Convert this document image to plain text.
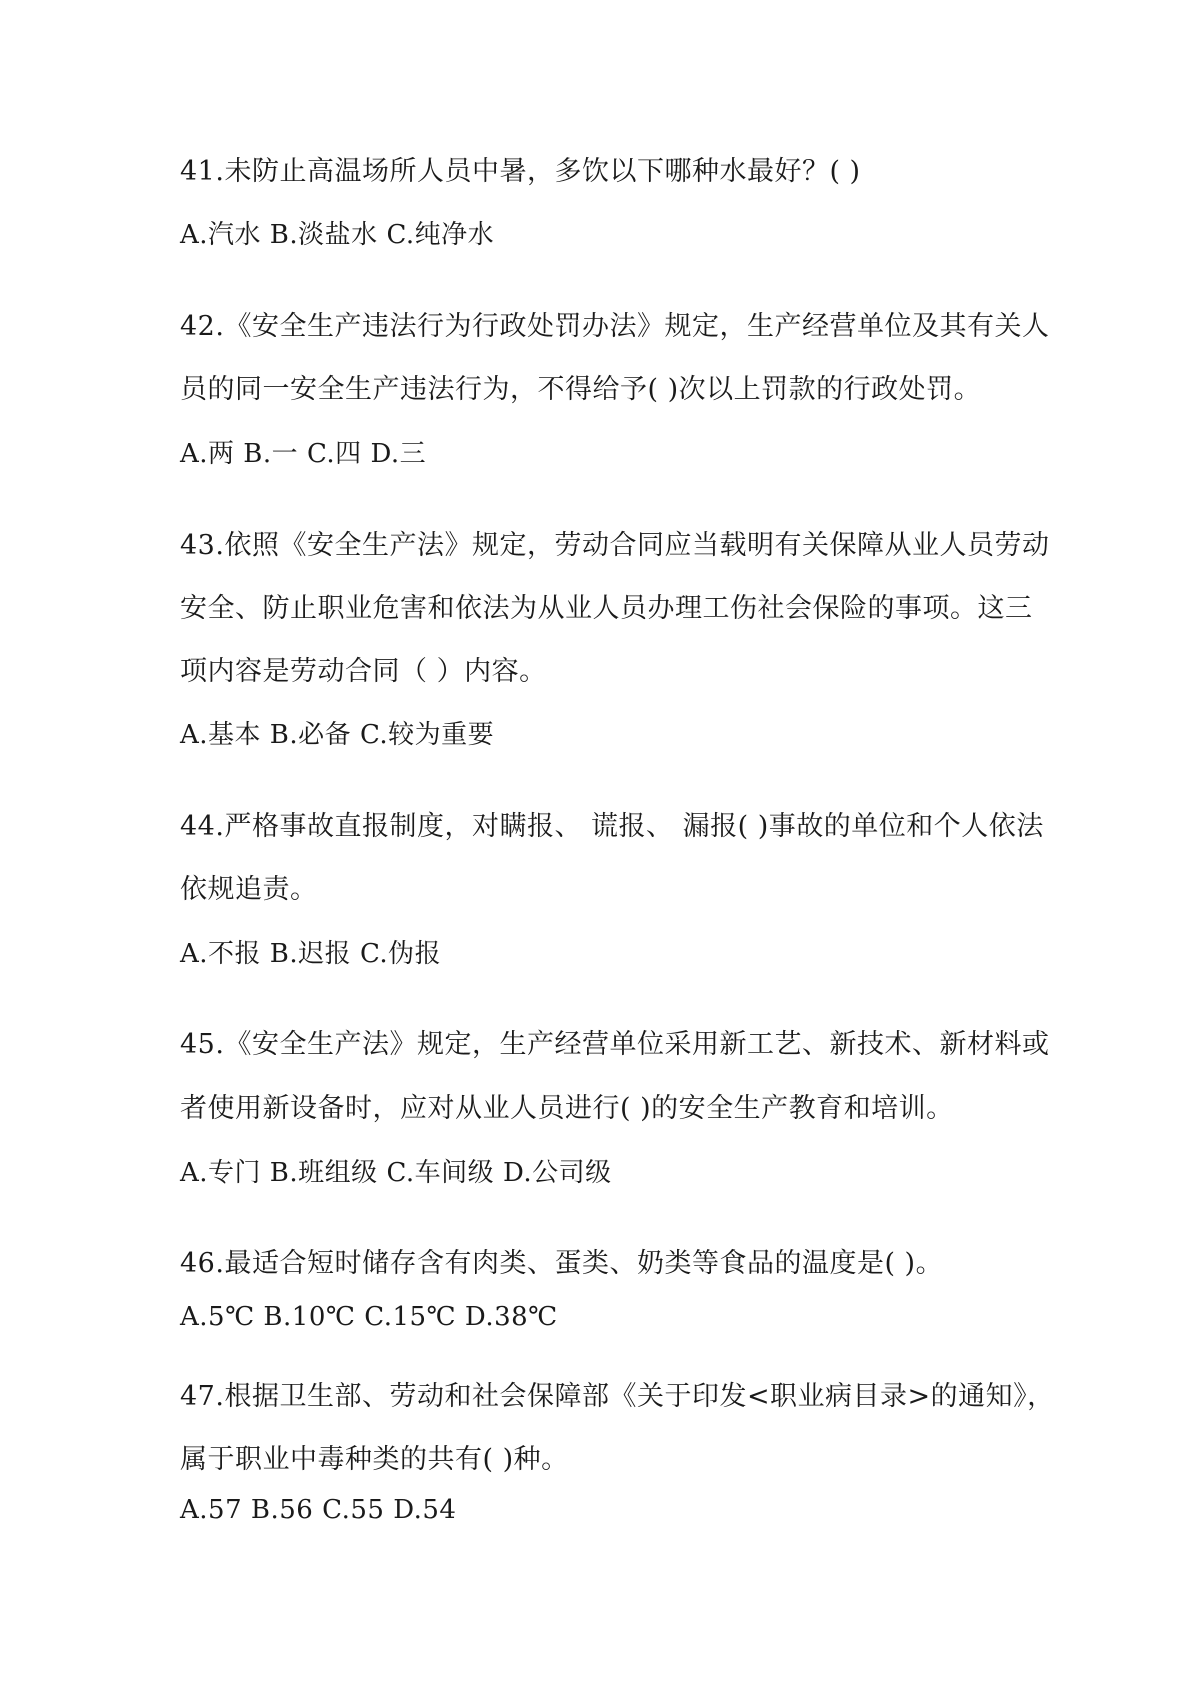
41.未防止高温场所人员中暑，多饮以下哪种水最好？( )
A.汽水 B.淡盐水 C.纯净水
42.《安全生产违法行为行政处罚办法》规定，生产经营单位及其有关人
员的同一安全生产违法行为，不得给予( )次以上罚款的行政处罚。
A.两 B.一 C.四 D.三
43.依照《安全生产法》规定，劳动合同应当载明有关保障从业人员劳动
安全、防止职业危害和依法为从业人员办理工伤社会保险的事项。这三
项内容是劳动合同（ ）内容。
A.基本 B.必备 C.较为重要
44.严格事故直报制度，对瞒报、 谎报、 漏报( )事故的单位和个人依法
依规追责。
A.不报 B.迟报 C.伪报
45.《安全生产法》规定，生产经营单位采用新工艺、新技术、新材料或
者使用新设备时，应对从业人员进行( )的安全生产教育和培训。
A.专门 B.班组级 C.车间级 D.公司级
46.最适合短时储存含有肉类、蛋类、奶类等食品的温度是( )。
A.5℃ B.10℃ C.15℃ D.38℃
47.根据卫生部、劳动和社会保障部《关于印发<职业病目录>的通知》，
属于职业中毒种类的共有( )种。
A.57 B.56 C.55 D.54
